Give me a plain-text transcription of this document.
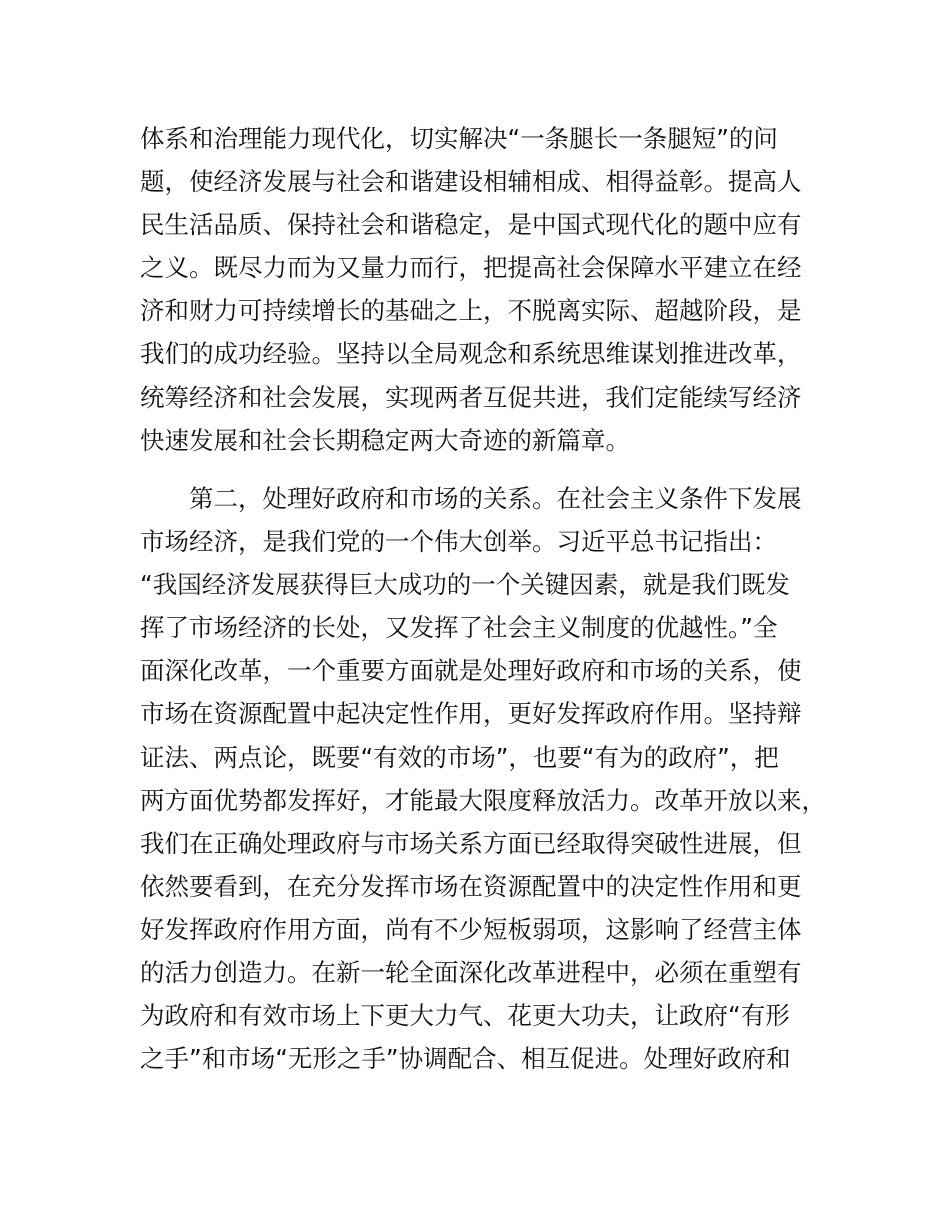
体系和治理能力现代化，切实解决“一条腿长一条腿短”的问
题，使经济发展与社会和谐建设相辅相成、相得益彰。提高人
民生活品质、保持社会和谐稳定，是中国式现代化的题中应有
之义。既尽力而为又量力而行，把提高社会保障水平建立在经
济和财力可持续增长的基础之上，不脱离实际、超越阶段，是
我们的成功经验。坚持以全局观念和系统思维谋划推进改革，
统筹经济和社会发展，实现两者互促共进，我们定能续写经济
快速发展和社会长期稳定两大奇迹的新篇章。
　　第二，处理好政府和市场的关系。在社会主义条件下发展
市场经济，是我们党的一个伟大创举。习近平总书记指出：
“我国经济发展获得巨大成功的一个关键因素，就是我们既发
挥了市场经济的长处，又发挥了社会主义制度的优越性。”全
面深化改革，一个重要方面就是处理好政府和市场的关系，使
市场在资源配置中起决定性作用，更好发挥政府作用。坚持辩
证法、两点论，既要“有效的市场”，也要“有为的政府”，把
两方面优势都发挥好，才能最大限度释放活力。改革开放以来，
我们在正确处理政府与市场关系方面已经取得突破性进展，但
依然要看到，在充分发挥市场在资源配置中的决定性作用和更
好发挥政府作用方面，尚有不少短板弱项，这影响了经营主体
的活力创造力。在新一轮全面深化改革进程中，必须在重塑有
为政府和有效市场上下更大力气、花更大功夫，让政府“有形
之手”和市场“无形之手”协调配合、相互促进。处理好政府和
